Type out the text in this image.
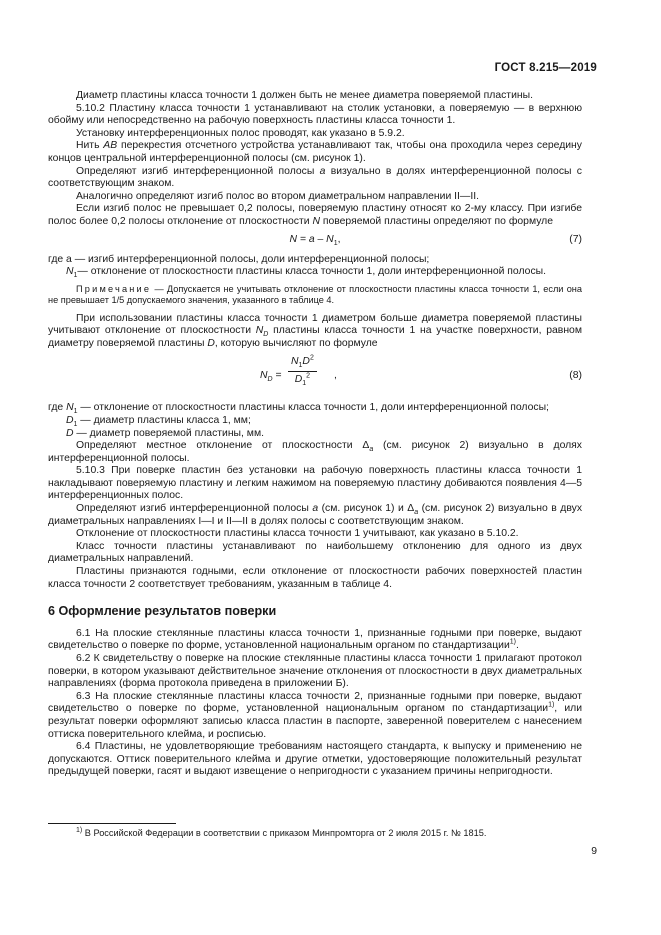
ГОСТ 8.215—2019

Диаметр пластины класса точности 1 должен быть не менее диаметра поверяемой пластины.

5.10.2 Пластину класса точности 1 устанавливают на столик установки, а поверяемую — в верхнюю обойму или непосредственно на рабочую поверхность пластины класса точности 1.

Установку интерференционных полос проводят, как указано в 5.9.2.

Нить АВ перекрестия отсчетного устройства устанавливают так, чтобы она проходила через середину концов центральной интерференционной полосы (см. рисунок 1).

Определяют изгиб интерференционной полосы а визуально в долях интерференционной полосы с соответствующим знаком.

Аналогично определяют изгиб полос во втором диаметральном направлении II—II.

Если изгиб полос не превышает 0,2 полосы, поверяемую пластину относят ко 2-му классу. При изгибе полос более 0,2 полосы отклонение от плоскостности N поверяемой пластины определяют по формуле

$N = a - N_1$,	(7)

где а — изгиб интерференционной полосы, доли интерференционной полосы;

$N_1—$ отклонение от плоскостности пластины класса точности 1, доли интерференционной полосы.

Примечание — Допускается не учитывать отклонение от плоскостности пластины класса точности 1, если она не превышает 1/5 допускаемого значения, указанного в таблице 4.

При использовании пластины класса точности 1 диаметром больше диаметра поверяемой пластины учитывают отклонение от плоскостности $N_D$ пластины класса точности 1 на участке поверхности, равном диаметру поверяемой пластины D, которую вычисляют по формуле

$N_D = \frac{N_1D^2}{D_1^2}$ ,	(8)

где $N_1$ — отклонение от плоскостности пластины класса точности 1, доли интерференционной полосы;

$D_1$ — диаметр пластины класса 1, мм;

D — диаметр поверяемой пластины, мм.

Определяют местное отклонение от плоскостности $\Delta_a$ (см. рисунок 2) визуально в долях интерференционной полосы.

5.10.3 При поверке пластин без установки на рабочую поверхность пластины класса точности 1 накладывают поверяемую пластину и легким нажимом на поверяемую пластину добиваются появления 4—5 интерференционных полос.

Определяют изгиб интерференционной полосы а (см. рисунок 1) и $\Delta_a$ (см. рисунок 2) визуально в двух диаметральных направлениях I—I и II—II в долях полосы с соответствующим знаком.

Отклонение от плоскостности пластины класса точности 1 учитывают, как указано в 5.10.2.

Класс точности пластины устанавливают по наибольшему отклонению для одного из двух диаметральных направлений.

Пластины признаются годными, если отклонение от плоскостности рабочих поверхностей пластин класса точности 2 соответствует требованиям, указанным в таблице 4.

6 Оформление результатов поверки

6.1 На плоские стеклянные пластины класса точности 1, признанные годными при поверке, выдают свидетельство о поверке по форме, установленной национальным органом по стандартизации$^{1)}$.

6.2 К свидетельству о поверке на плоские стеклянные пластины класса точности 1 прилагают протокол поверки, в котором указывают действительное значение отклонения от плоскостности в двух диаметральных направлениях (форма протокола приведена в приложении Б).

6.3 На плоские стеклянные пластины класса точности 2, признанные годными при поверке, выдают свидетельство о поверке по форме, установленной национальным органом по стандартизации$^{1)}$, или результат поверки оформляют записью класса пластин в паспорте, заверенной поверителем с нанесением оттиска поверительного клейма, и росписью.

6.4 Пластины, не удовлетворяющие требованиям настоящего стандарта, к выпуску и применению не допускаются. Оттиск поверительного клейма и другие отметки, удостоверяющие положительный результат предыдущей поверки, гасят и выдают извещение о непригодности с указанием причины непригодности.

$^{1)}$ В Российской Федерации в соответствии с приказом Минпромторга от 2 июля 2015 г. № 1815.
9
